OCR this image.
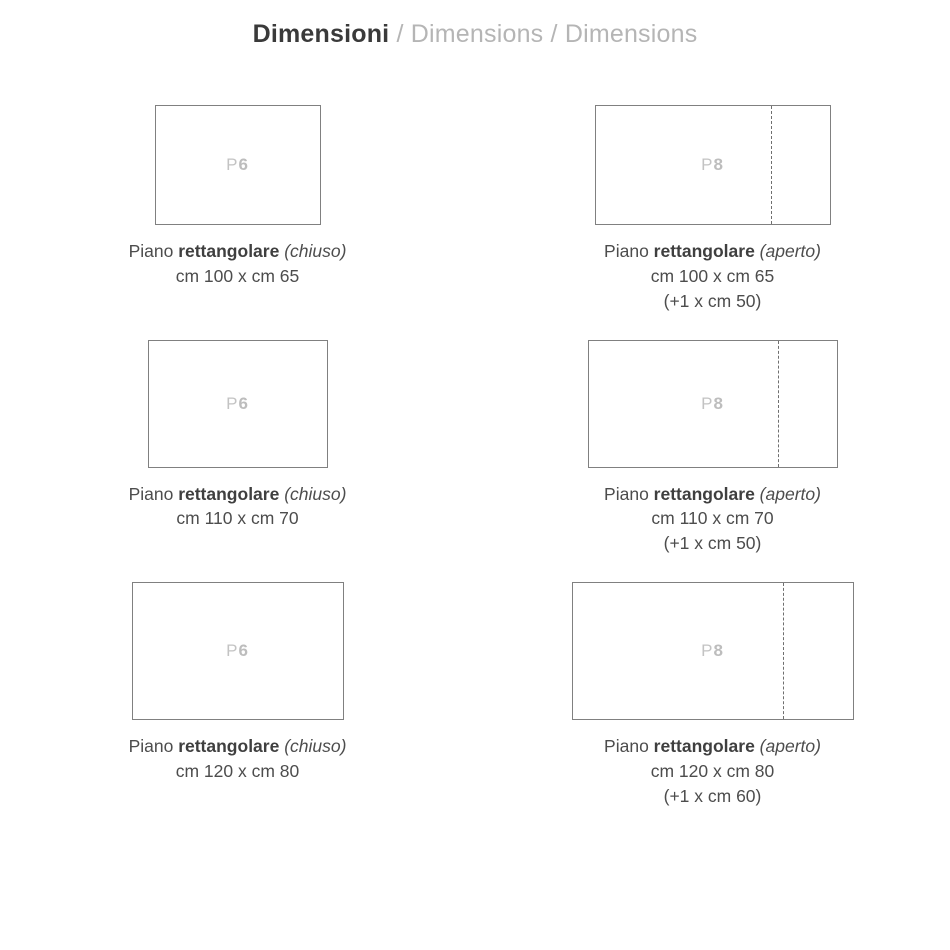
Dimensioni / Dimensions / Dimensions
P6
Piano rettangolare (chiuso)
cm 100 x cm 65
P8
Piano rettangolare (aperto)
cm 100 x cm 65
(+1 x cm 50)
P6
Piano rettangolare (chiuso)
cm 110 x cm 70
P8
Piano rettangolare (aperto)
cm 110 x cm 70
(+1 x cm 50)
P6
Piano rettangolare (chiuso)
cm 120 x cm 80
P8
Piano rettangolare (aperto)
cm 120 x cm 80
(+1 x cm 60)
